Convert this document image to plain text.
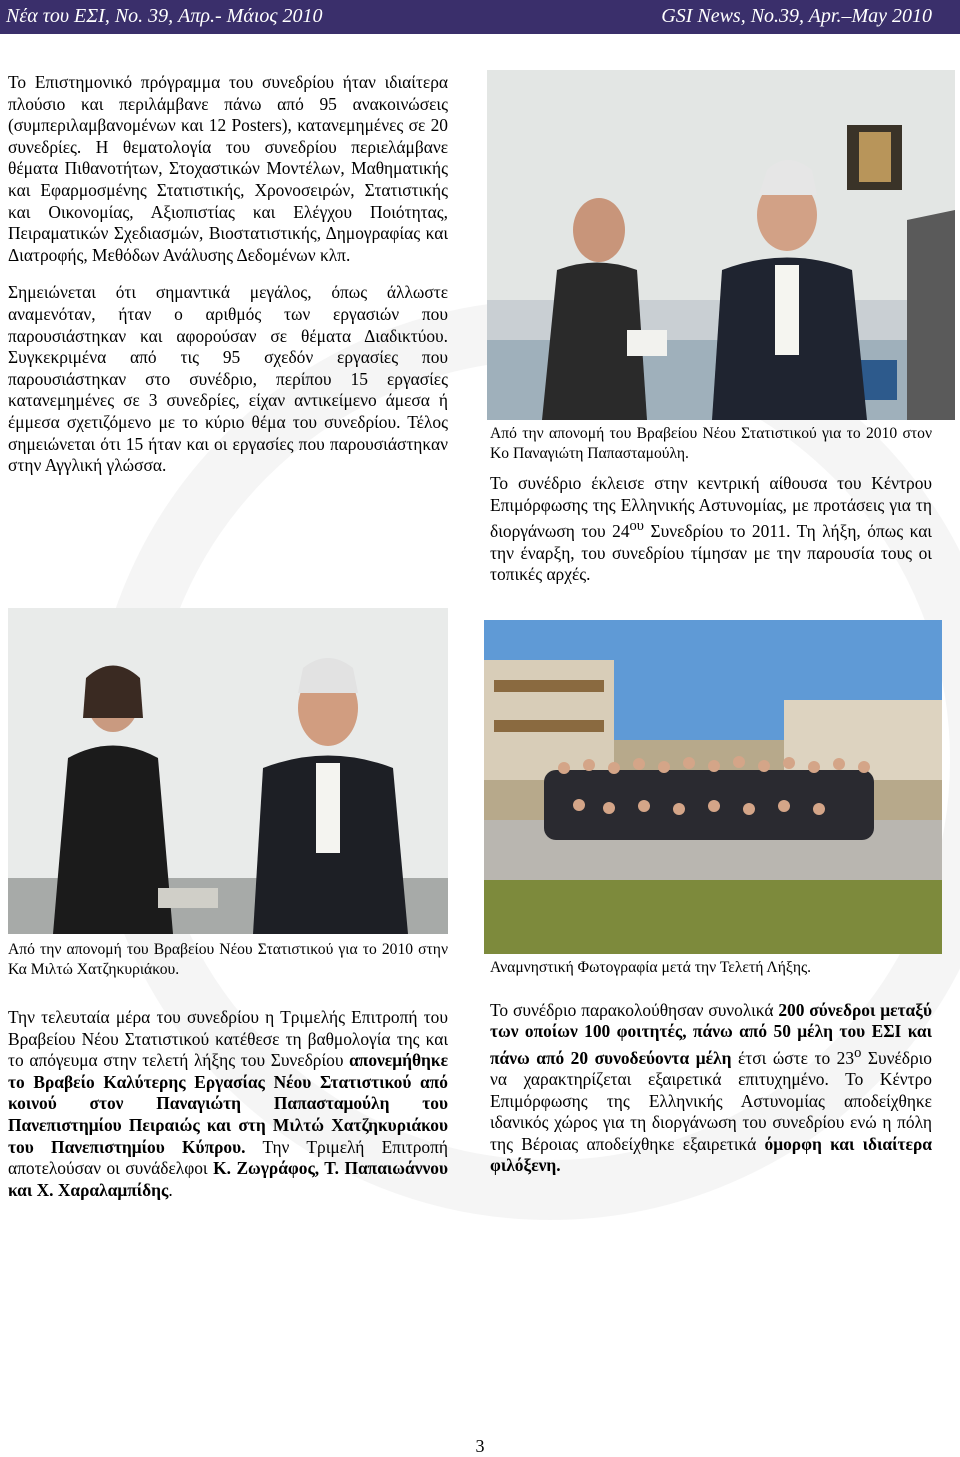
Νέα του ΕΣΙ, No. 39, Απρ.- Μάιος 2010	GSI News, No.39, Apr.–May 2010

Το Επιστημονικό πρόγραμμα του συνεδρίου ήταν ιδιαίτερα πλούσιο και περιλάμβανε πάνω από 95 ανακοινώσεις (συμπεριλαμβανομένων και 12 Posters), κατανεμημένες σε 20 συνεδρίες. Η θεματολογία του συνεδρίου περιελάμβανε θέματα Πιθανοτήτων, Στοχαστικών Μοντέλων, Μαθηματικής και Εφαρμοσμένης Στατιστικής, Χρονοσειρών, Στατιστικής και Οικονομίας, Αξιοπιστίας και Ελέγχου Ποιότητας, Πειραματικών Σχεδιασμών, Βιοστατιστικής, Δημογραφίας και Διατροφής, Μεθόδων Ανάλυσης Δεδομένων κλπ.

Σημειώνεται ότι σημαντικά μεγάλος, όπως άλλωστε αναμενόταν, ήταν ο αριθμός των εργασιών που παρουσιάστηκαν και αφορούσαν σε θέματα Διαδικτύου. Συγκεκριμένα από τις 95 σχεδόν εργασίες που παρουσιάστηκαν στο συνέδριο, περίπου 15 εργασίες κατανεμημένες σε 3 συνεδρίες, είχαν αντικείμενο άμεσα ή έμμεσα σχετιζόμενο με το κύριο θέμα του συνεδρίου. Τέλος σημειώνεται ότι 15 ήταν και οι εργασίες που παρουσιάστηκαν στην Αγγλική γλώσσα.

Από την απονομή του Βραβείου Νέου Στατιστικού για το 2010 στον Κο Παναγιώτη Παπασταμούλη.

Το συνέδριο έκλεισε στην κεντρική αίθουσα του Κέντρου Επιμόρφωσης της Ελληνικής Αστυνομίας, με προτάσεις για τη διοργάνωση του $24^{o\upsilon}$ Συνεδρίου το 2011. Τη λήξη, όπως και την έναρξη, του συνεδρίου τίμησαν με την παρουσία τους οι τοπικές αρχές.

Από την απονομή του Βραβείου Νέου Στατιστικού για το 2010 στην Κα Μιλτώ Χατζηκυριάκου.

Την τελευταία μέρα του συνεδρίου η Τριμελής Επιτροπή του Βραβείου Νέου Στατιστικού κατέθεσε τη βαθμολογία της και το απόγευμα στην τελετή λήξης του Συνεδρίου απονεμήθηκε το Βραβείο Καλύτερης Εργασίας Νέου Στατιστικού από κοινού στον Παναγιώτη Παπασταμούλη του Πανεπιστημίου Πειραιώς και στη Μιλτώ Χατζηκυριάκου του Πανεπιστημίου Κύπρου. Την Τριμελή Επιτροπή αποτελούσαν οι συνάδελφοι Κ. Ζωγράφος, Τ. Παπαιωάννου και Χ. Χαραλαμπίδης.

Αναμνηστική Φωτογραφία μετά την Τελετή Λήξης.

Το συνέδριο παρακολούθησαν συνολικά 200 σύνεδροι μεταξύ των οποίων 100 φοιτητές, πάνω από 50 μέλη του ΕΣΙ και πάνω από 20 συνοδεύοντα μέλη έτσι ώστε το $23^o$ Συνέδριο να χαρακτηρίζεται εξαιρετικά επιτυχημένο. Το Κέντρο Επιμόρφωσης της Ελληνικής Αστυνομίας αποδείχθηκε ιδανικός χώρος για τη διοργάνωση του συνεδρίου ενώ η πόλη της Βέροιας αποδείχθηκε εξαιρετικά όμορφη και ιδιαίτερα φιλόξενη.

3
